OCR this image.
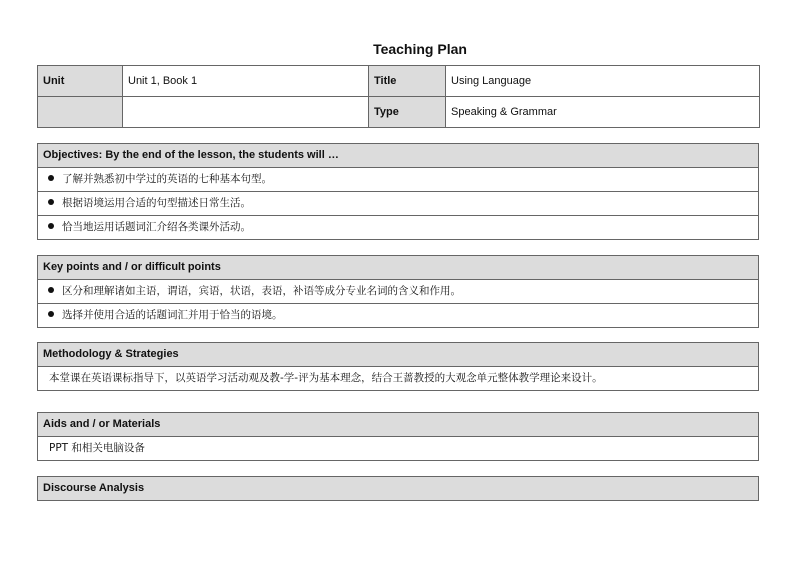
Teaching Plan
Unit	Unit 1, Book 1	Title	Using Language
		Type	Speaking & Grammar
Objectives: By the end of the lesson, the students will …
了解并熟悉初中学过的英语的七种基本句型。
根据语境运用合适的句型描述日常生活。
恰当地运用话题词汇介绍各类课外活动。
Key points and / or difficult points
区分和理解诸如主语，谓语，宾语，状语，表语，补语等成分专业名词的含义和作用。
选择并使用合适的话题词汇并用于恰当的语境。
Methodology & Strategies
本堂课在英语课标指导下，以英语学习活动观及教-学-评为基本理念，结合王蔷教授的大观念单元整体教学理论来设计。
Aids and / or Materials
PPT 和相关电脑设备
Discourse Analysis
